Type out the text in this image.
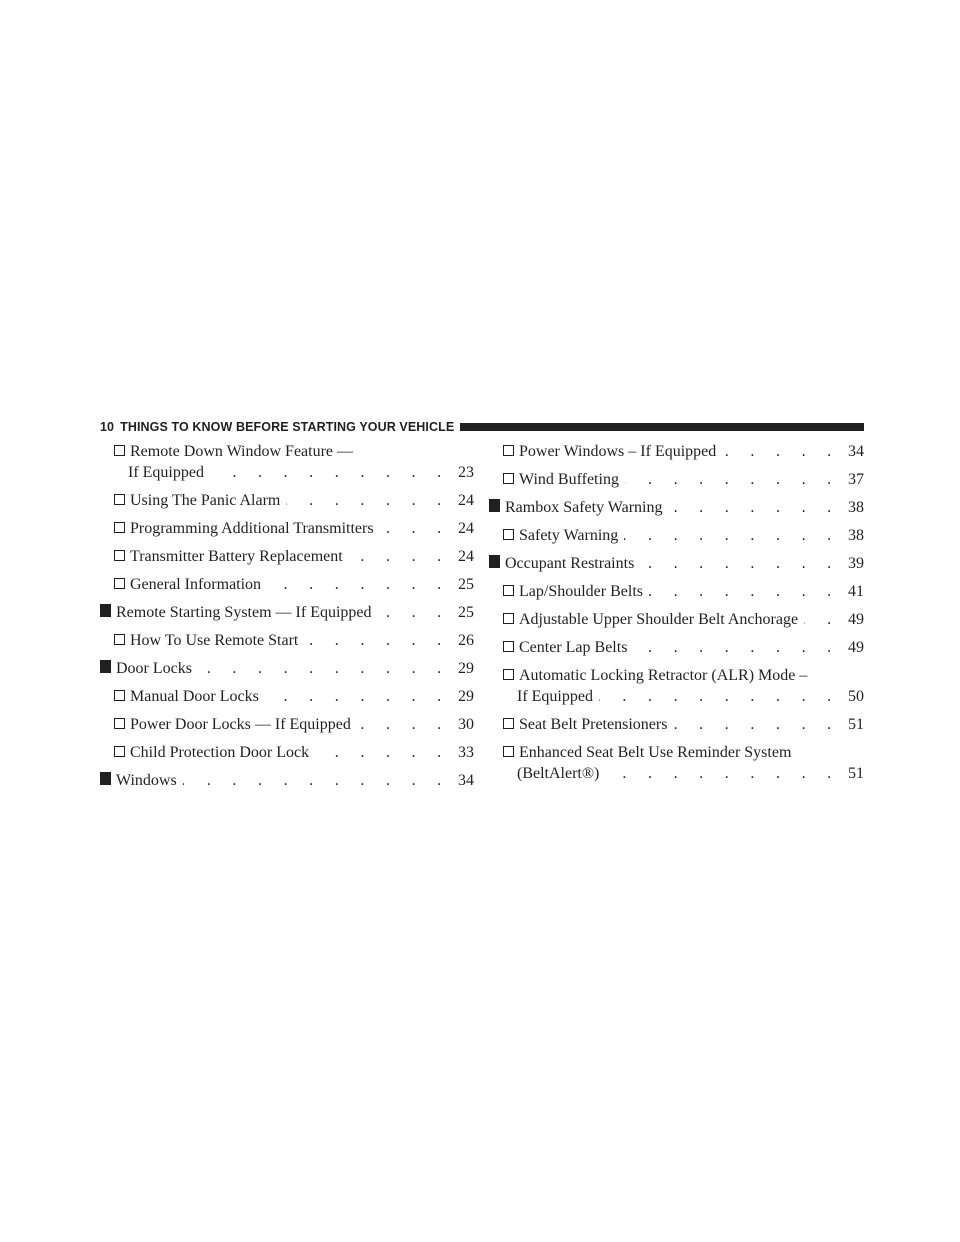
10 THINGS TO KNOW BEFORE STARTING YOUR VEHICLE
Remote Down Window Feature —
If Equipped . . .	23
Using The Panic Alarm . . .	24
Programming Additional Transmitters . . .	24
Transmitter Battery Replacement . . .	24
General Information . . .	25
Remote Starting System — If Equipped . . .	25
How To Use Remote Start . . .	26
Door Locks . . .	29
Manual Door Locks . . .	29
Power Door Locks — If Equipped . . .	30
Child Protection Door Lock . . .	33
Windows . . .	34
Power Windows – If Equipped . . .	34
Wind Buffeting . . .	37
Rambox Safety Warning . . .	38
Safety Warning . . .	38
Occupant Restraints . . .	39
Lap/Shoulder Belts . . .	41
Adjustable Upper Shoulder Belt Anchorage . . .	49
Center Lap Belts . . .	49
Automatic Locking Retractor (ALR) Mode –
If Equipped . . .	50
Seat Belt Pretensioners . . .	51
Enhanced Seat Belt Use Reminder System
(BeltAlert®) . . .	51
